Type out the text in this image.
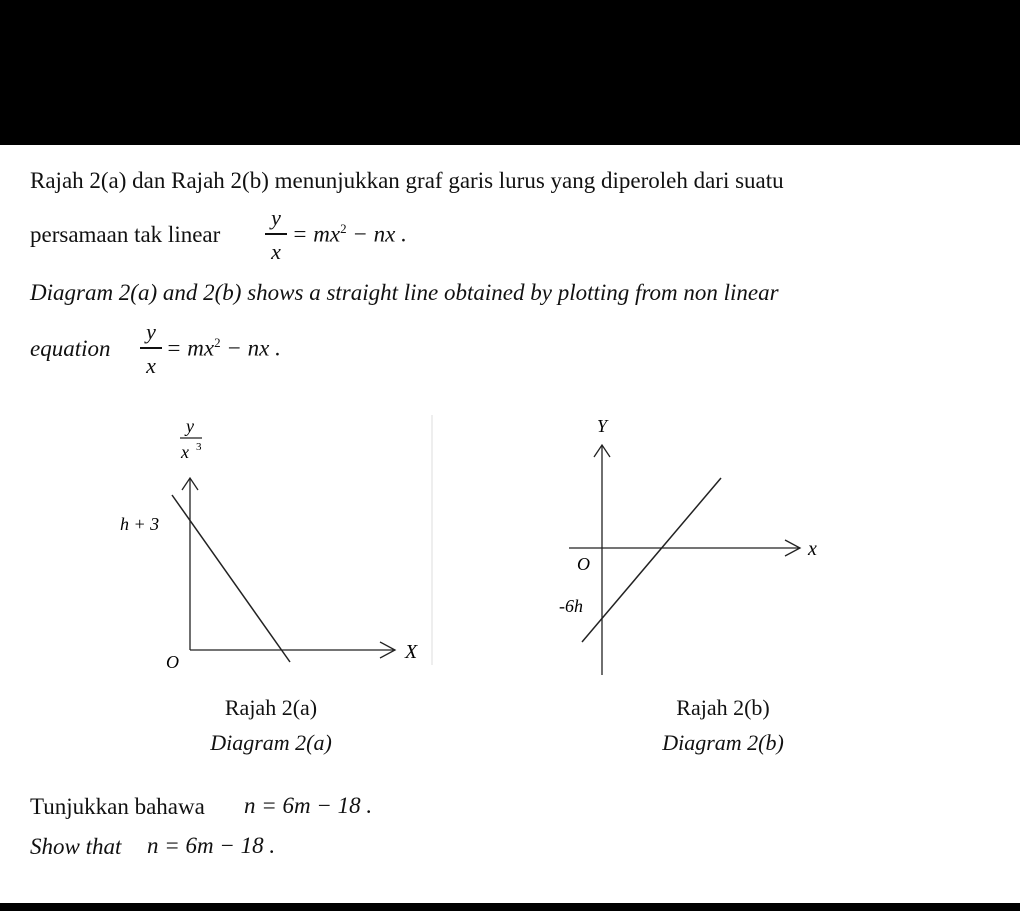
Rajah 2(a) dan Rajah 2(b) menunjukkan graf garis lurus yang diperoleh dari suatu
persamaan tak linear
y
x
= $mx^2$ − nx .
Diagram 2(a) and 2(b) shows a straight line obtained by plotting from non linear
equation
y
x
= $mx^2$ − nx .
y
x 3
h + 3
O	X
Y
O
-6h
x
Rajah 2(a)
Diagram 2(a)
Rajah 2(b)
Diagram 2(b)
Tunjukkan bahawa n = 6m − 18 .
Show that n = 6m − 18 .
